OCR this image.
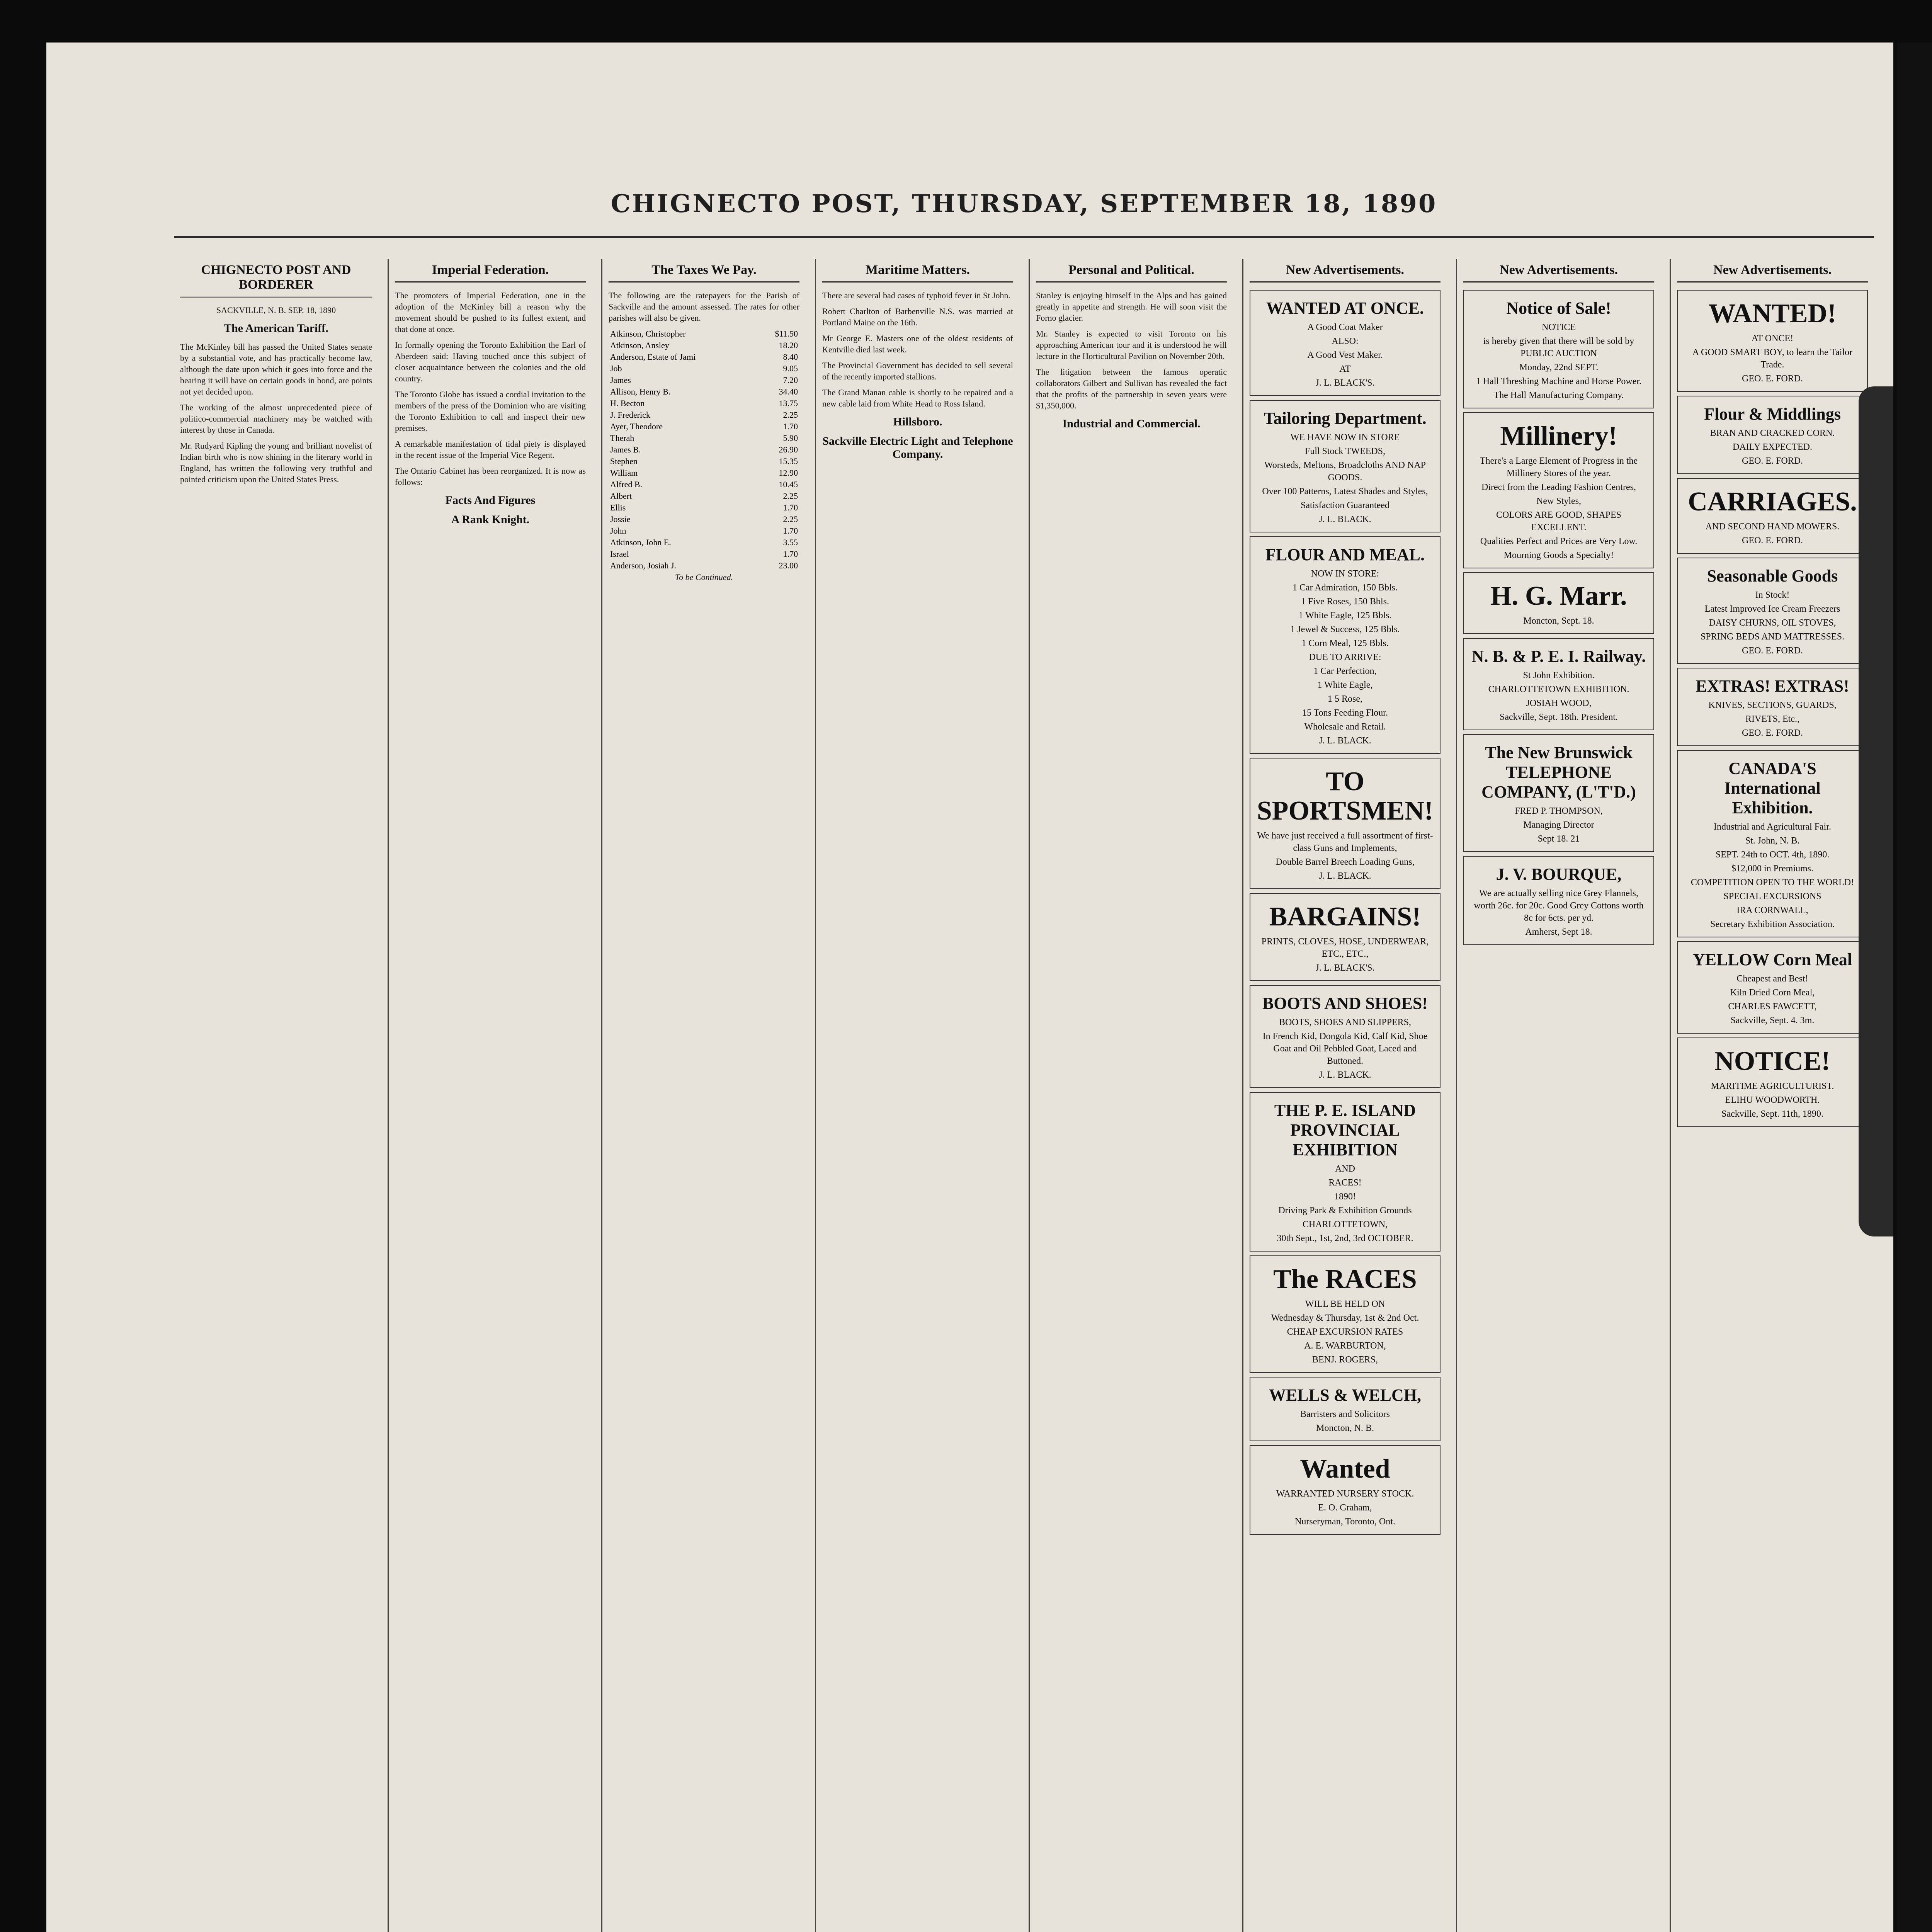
CHIGNECTO POST, THURSDAY, SEPTEMBER 18, 1890
CHIGNECTO POST AND BORDERER

SACKVILLE, N. B. SEP. 18, 1890

The American Tariff.

The McKinley bill has passed the United States senate by a substantial vote, and has practically become law, although the date upon which it goes into force and the bearing it will have on certain goods in bond, are points not yet decided upon.

The working of the almost unprecedented piece of politico-commercial machinery may be watched with interest by those in Canada.

Mr. Rudyard Kipling the young and brilliant novelist of Indian birth who is now shining in the literary world in England, has written the following very truthful and pointed criticism upon the United States Press.

Imperial Federation.

The promoters of Imperial Federation, one in the adoption of the McKinley bill a reason why the movement should be pushed to its fullest extent, and that done at once.

In formally opening the Toronto Exhibition the Earl of Aberdeen said: Having touched once this subject of closer acquaintance between the colonies and the old country.

The Toronto Globe has issued a cordial invitation to the members of the press of the Dominion who are visiting the Toronto Exhibition to call and inspect their new premises.

A remarkable manifestation of tidal piety is displayed in the recent issue of the Imperial Vice Regent.

The Ontario Cabinet has been reorganized. It is now as follows:

Facts And Figures
A Rank Knight.
The Taxes We Pay.

The following are the ratepayers for the Parish of Sackville and the amount assessed. The rates for other parishes will also be given.

Atkinson, Christopher	$11.50
Atkinson, Ansley	18.20
Anderson, Estate of Jami	8.40
Job	9.05
James	7.20
Allison, Henry B.	34.40
H. Becton	13.75
J. Frederick	2.25
Ayer, Theodore	1.70
Therah	5.90
James B.	26.90
Stephen	15.35
William	12.90
Alfred B.	10.45
Albert	2.25
Ellis	1.70
Jossie	2.25
John	1.70
Atkinson, John E.	3.55
Israel	1.70
Anderson, Josiah J.	23.00

To be Continued.

Maritime Matters.

There are several bad cases of typhoid fever in St John.

Robert Charlton of Barbenville N.S. was married at Portland Maine on the 16th.

Mr George E. Masters one of the oldest residents of Kentville died last week.

The Provincial Government has decided to sell several of the recently imported stallions.

The Grand Manan cable is shortly to be repaired and a new cable laid from White Head to Ross Island.

Hillsboro.
Sackville Electric Light and Telephone Company.
Personal and Political.

Stanley is enjoying himself in the Alps and has gained greatly in appetite and strength. He will soon visit the Forno glacier.

Mr. Stanley is expected to visit Toronto on his approaching American tour and it is understood he will lecture in the Horticultural Pavilion on November 20th.

The litigation between the famous operatic collaborators Gilbert and Sullivan has revealed the fact that the profits of the partnership in seven years were $1,350,000.

Industrial and Commercial.
New Advertisements.
WANTED AT ONCE.
A Good Coat Maker
ALSO:
A Good Vest Maker.
AT
J. L. BLACK'S.
Tailoring Department.
WE HAVE NOW IN STORE
Full Stock TWEEDS,
Worsteds, Meltons, Broadcloths AND NAP GOODS.
Over 100 Patterns, Latest Shades and Styles,
Satisfaction Guaranteed
J. L. BLACK.
FLOUR AND MEAL.
NOW IN STORE:
1 Car Admiration, 150 Bbls.
1 Five Roses, 150 Bbls.
1 White Eagle, 125 Bbls.
1 Jewel & Success, 125 Bbls.
1 Corn Meal, 125 Bbls.
DUE TO ARRIVE:
1 Car Perfection,
1 White Eagle,
1 5 Rose,
15 Tons Feeding Flour.
Wholesale and Retail.
J. L. BLACK.
TO SPORTSMEN!
We have just received a full assortment of first-class Guns and Implements,
Double Barrel Breech Loading Guns,
J. L. BLACK.
BARGAINS!
PRINTS, CLOVES, HOSE, UNDERWEAR, ETC., ETC.,
J. L. BLACK'S.
BOOTS AND SHOES!
BOOTS, SHOES AND SLIPPERS,
In French Kid, Dongola Kid, Calf Kid, Shoe Goat and Oil Pebbled Goat, Laced and Buttoned.
J. L. BLACK.
THE P. E. ISLAND PROVINCIAL EXHIBITION
AND
RACES!
1890!
Driving Park & Exhibition Grounds
CHARLOTTETOWN,
30th Sept., 1st, 2nd, 3rd OCTOBER.
The RACES
WILL BE HELD ON
Wednesday & Thursday, 1st & 2nd Oct.
CHEAP EXCURSION RATES
A. E. WARBURTON,
BENJ. ROGERS,
WELLS & WELCH,
Barristers and Solicitors
Moncton, N. B.
Wanted
WARRANTED NURSERY STOCK.
E. O. Graham,
Nurseryman, Toronto, Ont.
New Advertisements.
Notice of Sale!
NOTICE
is hereby given that there will be sold by PUBLIC AUCTION
Monday, 22nd SEPT.
1 Hall Threshing Machine and Horse Power.
The Hall Manufacturing Company.
Millinery!
There's a Large Element of Progress in the Millinery Stores of the year.
Direct from the Leading Fashion Centres,
New Styles,
COLORS ARE GOOD, SHAPES EXCELLENT.
Qualities Perfect and Prices are Very Low.
Mourning Goods a Specialty!
H. G. Marr.
Moncton, Sept. 18.
N. B. & P. E. I. Railway.
St John Exhibition.
CHARLOTTETOWN EXHIBITION.
JOSIAH WOOD,
Sackville, Sept. 18th. President.
The New Brunswick TELEPHONE COMPANY, (L'T'D.)
FRED P. THOMPSON,
Managing Director
Sept 18. 21
J. V. BOURQUE,
We are actually selling nice Grey Flannels, worth 26c. for 20c. Good Grey Cottons worth 8c for 6cts. per yd.
Amherst, Sept 18.
New Advertisements.
WANTED!
AT ONCE!
A GOOD SMART BOY, to learn the Tailor Trade.
GEO. E. FORD.
Flour & Middlings
BRAN AND CRACKED CORN.
DAILY EXPECTED.
GEO. E. FORD.
CARRIAGES.
AND SECOND HAND MOWERS.
GEO. E. FORD.
Seasonable Goods
In Stock!
Latest Improved Ice Cream Freezers
DAISY CHURNS, OIL STOVES,
SPRING BEDS AND MATTRESSES.
GEO. E. FORD.
EXTRAS! EXTRAS!
KNIVES, SECTIONS, GUARDS,
RIVETS, Etc.,
GEO. E. FORD.
CANADA'S International Exhibition.
Industrial and Agricultural Fair.
St. John, N. B.
SEPT. 24th to OCT. 4th, 1890.
$12,000 in Premiums.
COMPETITION OPEN TO THE WORLD!
SPECIAL EXCURSIONS
IRA CORNWALL,
Secretary Exhibition Association.
YELLOW Corn Meal
Cheapest and Best!
Kiln Dried Corn Meal,
CHARLES FAWCETT,
Sackville, Sept. 4. 3m.
NOTICE!
MARITIME AGRICULTURIST.
ELIHU WOODWORTH.
Sackville, Sept. 11th, 1890.
